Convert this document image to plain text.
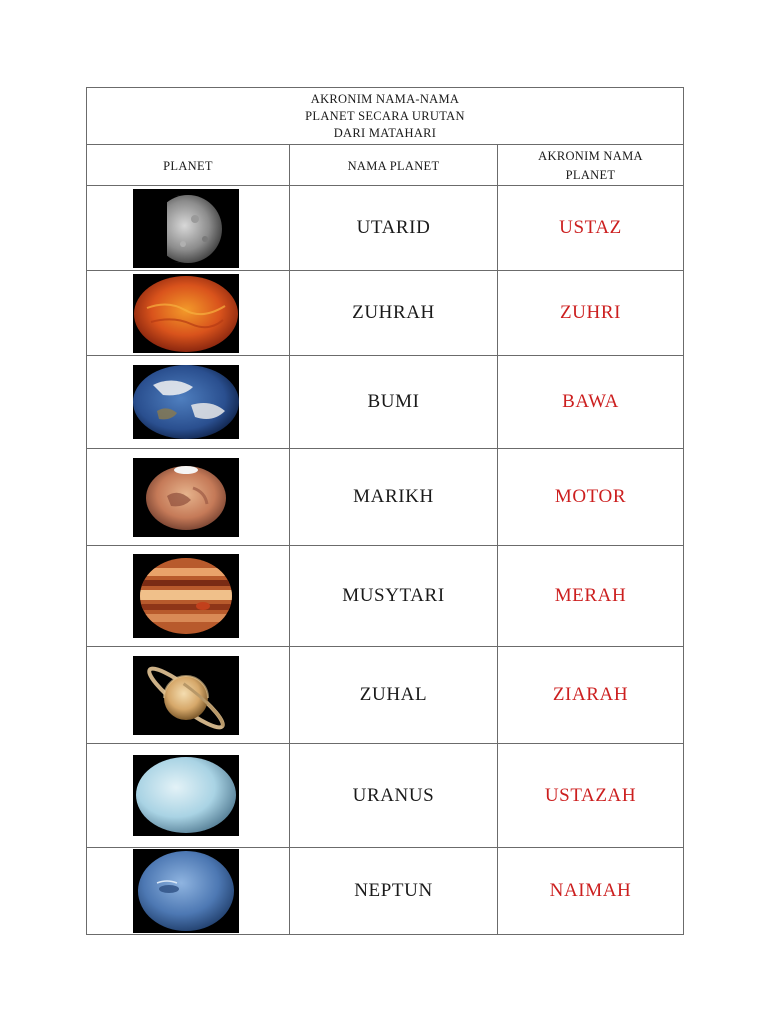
AKRONIM NAMA-NAMA
PLANET SECARA URUTAN
DARI MATAHARI		

PLANET	NAMA PLANET	AKRONIM NAMA
PLANET

	UTARID	USTAZ

	ZUHRAH	ZUHRI

	BUMI	BAWA

	MARIKH	MOTOR

	MUSYTARI	MERAH

	ZUHAL	ZIARAH

	URANUS	USTAZAH

	NEPTUN	NAIMAH
